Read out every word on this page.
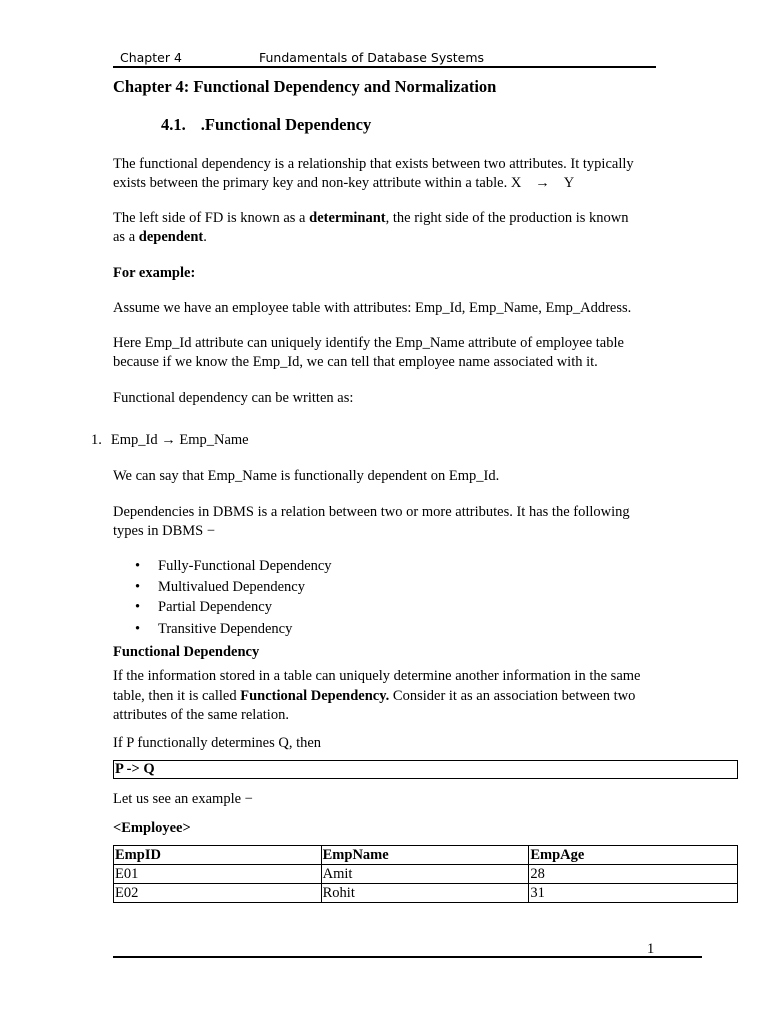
Chapter 4	Fundamentals of Database Systems
Chapter 4: Functional Dependency and Normalization
4.1. .Functional Dependency
The functional dependency is a relationship that exists between two attributes. It typically
exists between the primary key and non-key attribute within a table. X → Y
The left side of FD is known as a determinant, the right side of the production is known
as a dependent.
For example:
Assume we have an employee table with attributes: Emp_Id, Emp_Name, Emp_Address.
Here Emp_Id attribute can uniquely identify the Emp_Name attribute of employee table
because if we know the Emp_Id, we can tell that employee name associated with it.
Functional dependency can be written as:
1. Emp_Id → Emp_Name
We can say that Emp_Name is functionally dependent on Emp_Id.
Dependencies in DBMS is a relation between two or more attributes. It has the following
types in DBMS −
• Fully-Functional Dependency
• Multivalued Dependency
• Partial Dependency
• Transitive Dependency
Functional Dependency
If the information stored in a table can uniquely determine another information in the same
table, then it is called Functional Dependency. Consider it as an association between two
attributes of the same relation.
If P functionally determines Q, then
P -> Q
Let us see an example −
<Employee>
EmpID	EmpName	EmpAge
E01	Amit	28
E02	Rohit	31
1
